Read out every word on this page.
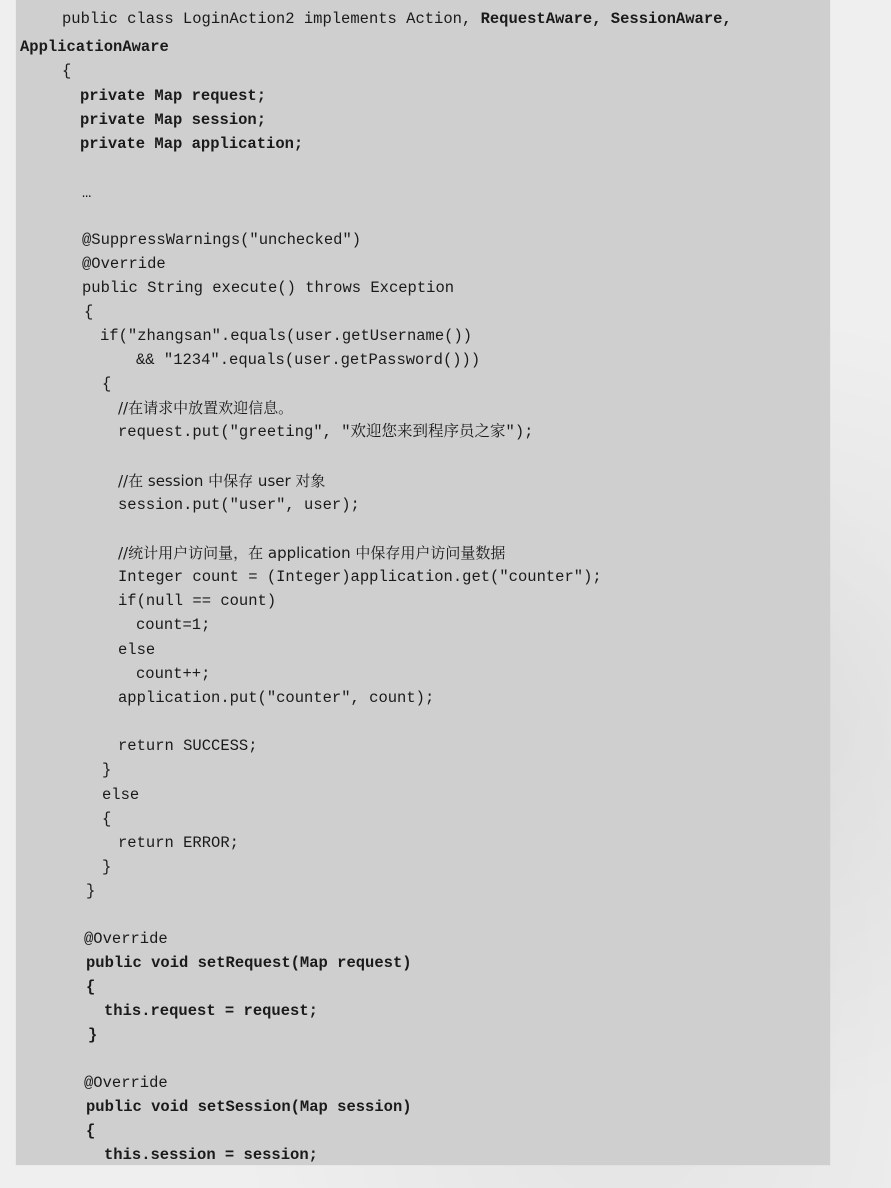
public class LoginAction2 implements Action, RequestAware, SessionAware,
ApplicationAware
{
private Map request;
private Map session;
private Map application;
…
@SuppressWarnings("unchecked")
@Override
public String execute() throws Exception
{
if("zhangsan".equals(user.getUsername())
&& "1234".equals(user.getPassword()))
{
//在请求中放置欢迎信息。
request.put("greeting", "欢迎您来到程序员之家");
//在 session 中保存 user 对象
session.put("user", user);
//统计用户访问量，在 application 中保存用户访问量数据
Integer count = (Integer)application.get("counter");
if(null == count)
count=1;
else
count++;
application.put("counter", count);
return SUCCESS;
}
else
{
return ERROR;
}
}
@Override
public void setRequest(Map request)
{
this.request = request;
}
@Override
public void setSession(Map session)
{
this.session = session;
